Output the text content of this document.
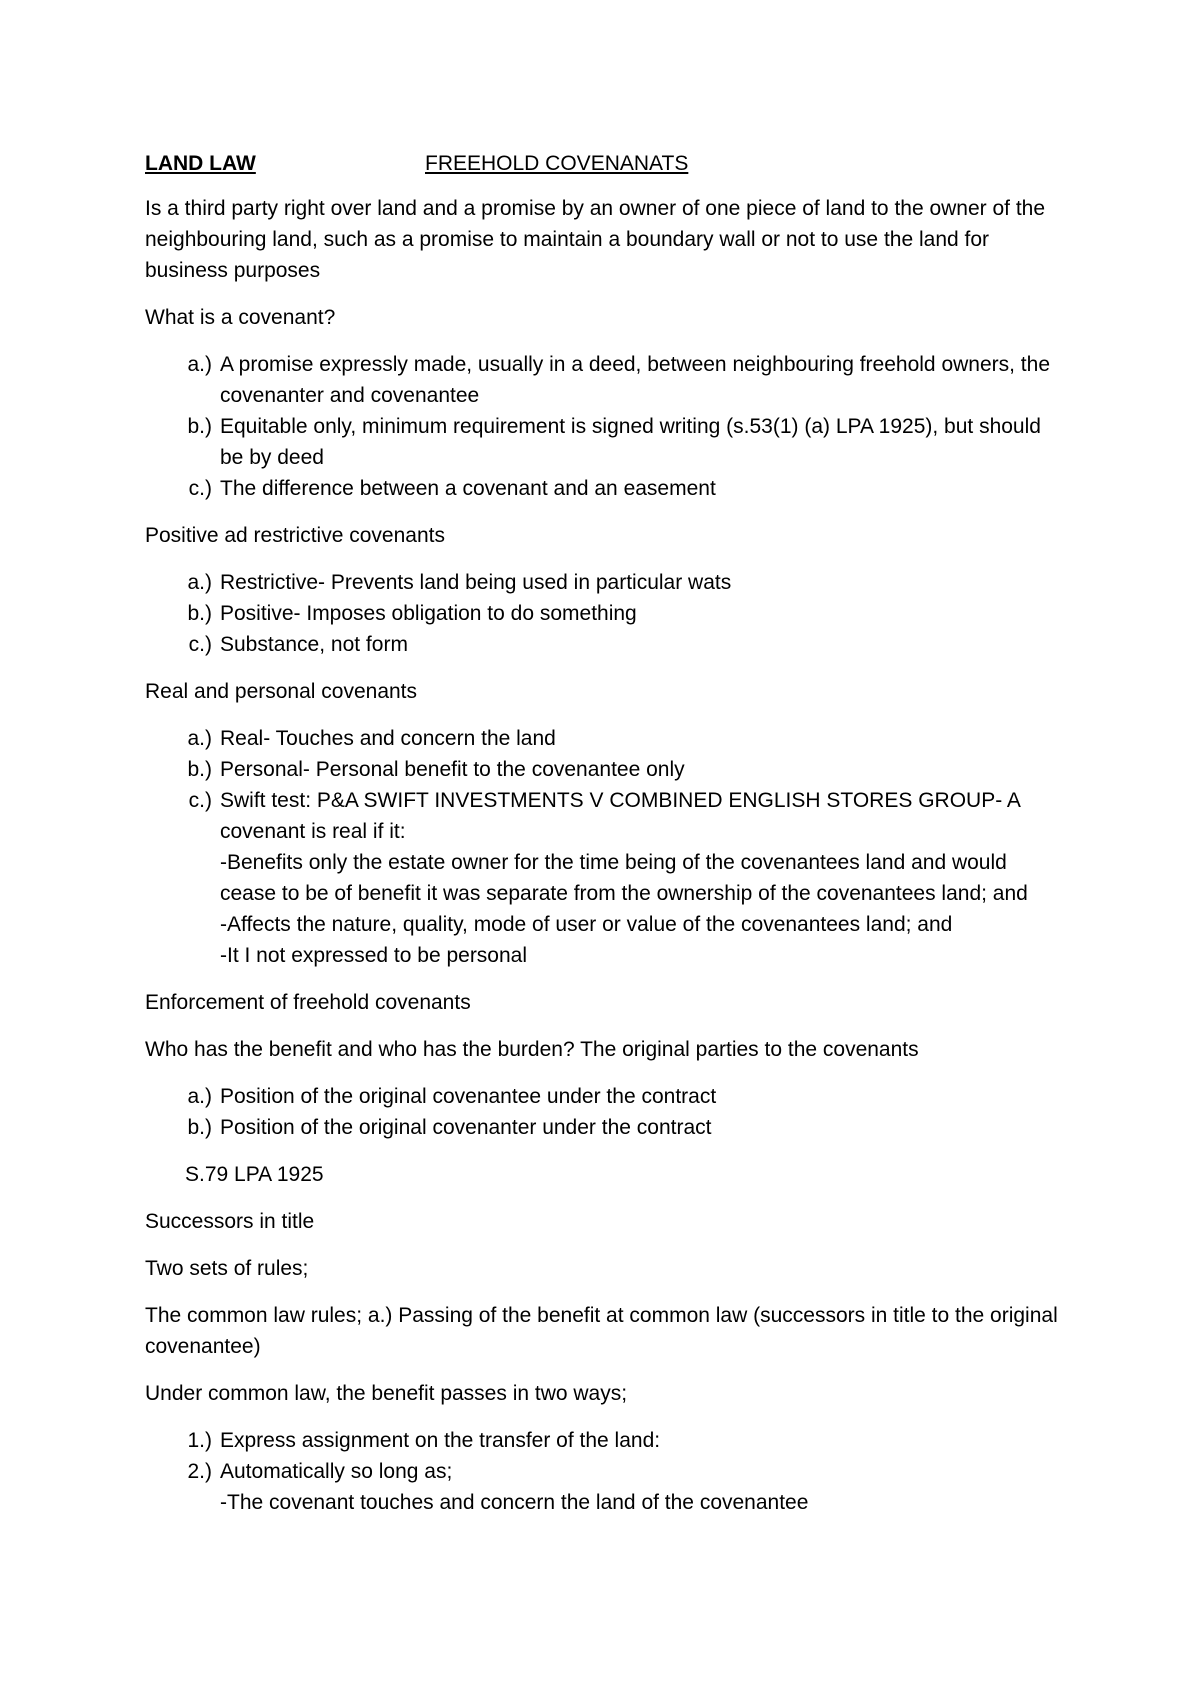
LAND LAW	FREEHOLD COVENANATS

Is a third party right over land and a promise by an owner of one piece of land to the owner of the neighbouring land, such as a promise to maintain a boundary wall or not to use the land for business purposes

What is a covenant?

a.) A promise expressly made, usually in a deed, between neighbouring freehold owners, the covenanter and covenantee
b.) Equitable only, minimum requirement is signed writing (s.53(1) (a) LPA 1925), but should be by deed
c.) The difference between a covenant and an easement

Positive ad restrictive covenants

a.) Restrictive- Prevents land being used in particular wats
b.) Positive- Imposes obligation to do something
c.) Substance, not form

Real and personal covenants

a.) Real- Touches and concern the land
b.) Personal- Personal benefit to the covenantee only
c.) Swift test: P&A SWIFT INVESTMENTS V COMBINED ENGLISH STORES GROUP- A covenant is real if it:
-Benefits only the estate owner for the time being of the covenantees land and would cease to be of benefit it was separate from the ownership of the covenantees land; and
-Affects the nature, quality, mode of user or value of the covenantees land; and
-It I not expressed to be personal

Enforcement of freehold covenants

Who has the benefit and who has the burden? The original parties to the covenants

a.) Position of the original covenantee under the contract
b.) Position of the original covenanter under the contract

S.79 LPA 1925

Successors in title

Two sets of rules;

The common law rules; a.) Passing of the benefit at common law (successors in title to the original covenantee)

Under common law, the benefit passes in two ways;

1.) Express assignment on the transfer of the land:
2.) Automatically so long as;
-The covenant touches and concern the land of the covenantee
